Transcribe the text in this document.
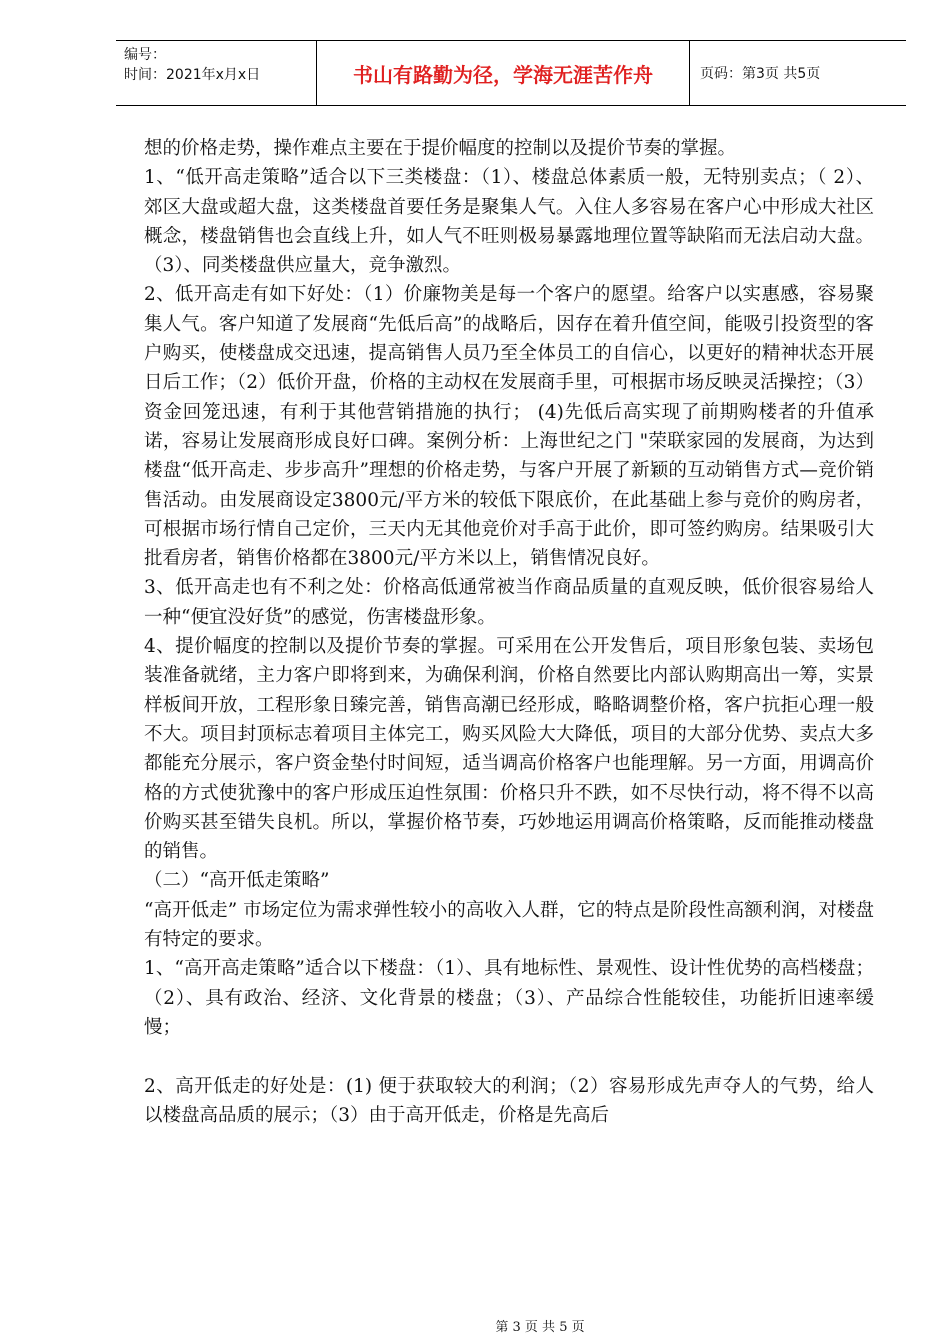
编号：
时间：2021年x月x日	书山有路勤为径，学海无涯苦作舟	页码：第3页 共5页

想的价格走势，操作难点主要在于提价幅度的控制以及提价节奏的掌握。

1、“低开高走策略”适合以下三类楼盘：（1）、楼盘总体素质一般，无特别卖点；（ 2）、 郊区大盘或超大盘，这类楼盘首要任务是聚集人气。入住人多容易在客户心中形成大社区概念，楼盘销售也会直线上升，如人气不旺则极易暴露地理位置等缺陷而无法启动大盘。（3）、同类楼盘供应量大，竞争激烈。

2、低开高走有如下好处：（1）价廉物美是每一个客户的愿望。给客户以实惠感，容易聚集人气。客户知道了发展商“先低后高”的战略后，因存在着升值空间，能吸引投资型的客户购买，使楼盘成交迅速，提高销售人员乃至全体员工的自信心，以更好的精神状态开展日后工作；（2）低价开盘，价格的主动权在发展商手里，可根据市场反映灵活操控；（3）资金回笼迅速，有利于其他营销措施的执行； (4)先低后高实现了前期购楼者的升值承诺，容易让发展商形成良好口碑。案例分析：上海世纪之门 "荣联家园的发展商，为达到楼盘“低开高走、步步高升”理想的价格走势，与客户开展了新颖的互动销售方式—竞价销售活动。由发展商设定3800元/平方米的较低下限底价，在此基础上参与竞价的购房者，可根据市场行情自己定价，三天内无其他竞价对手高于此价，即可签约购房。结果吸引大批看房者，销售价格都在3800元/平方米以上，销售情况良好。

3、低开高走也有不利之处：价格高低通常被当作商品质量的直观反映，低价很容易给人一种“便宜没好货”的感觉，伤害楼盘形象。

4、提价幅度的控制以及提价节奏的掌握。可采用在公开发售后，项目形象包装、卖场包装准备就绪，主力客户即将到来，为确保利润，价格自然要比内部认购期高出一筹，实景样板间开放，工程形象日臻完善，销售高潮已经形成，略略调整价格，客户抗拒心理一般不大。项目封顶标志着项目主体完工，购买风险大大降低，项目的大部分优势、卖点大多都能充分展示，客户资金垫付时间短，适当调高价格客户也能理解。另一方面，用调高价格的方式使犹豫中的客户形成压迫性氛围：价格只升不跌，如不尽快行动，将不得不以高价购买甚至错失良机。所以，掌握价格节奏，巧妙地运用调高价格策略，反而能推动楼盘的销售。

（二）“高开低走策略”

“高开低走” 市场定位为需求弹性较小的高收入人群，它的特点是阶段性高额利润，对楼盘有特定的要求。

1、“高开高走策略”适合以下楼盘：（1）、具有地标性、景观性、设计性优势的高档楼盘；（2）、具有政治、经济、文化背景的楼盘；（3）、产品综合性能较佳，功能折旧速率缓慢；

2、高开低走的好处是：(1) 便于获取较大的利润；（2）容易形成先声夺人的气势，给人以楼盘高品质的展示；（3）由于高开低走，价格是先高后

第 3 页 共 5 页
